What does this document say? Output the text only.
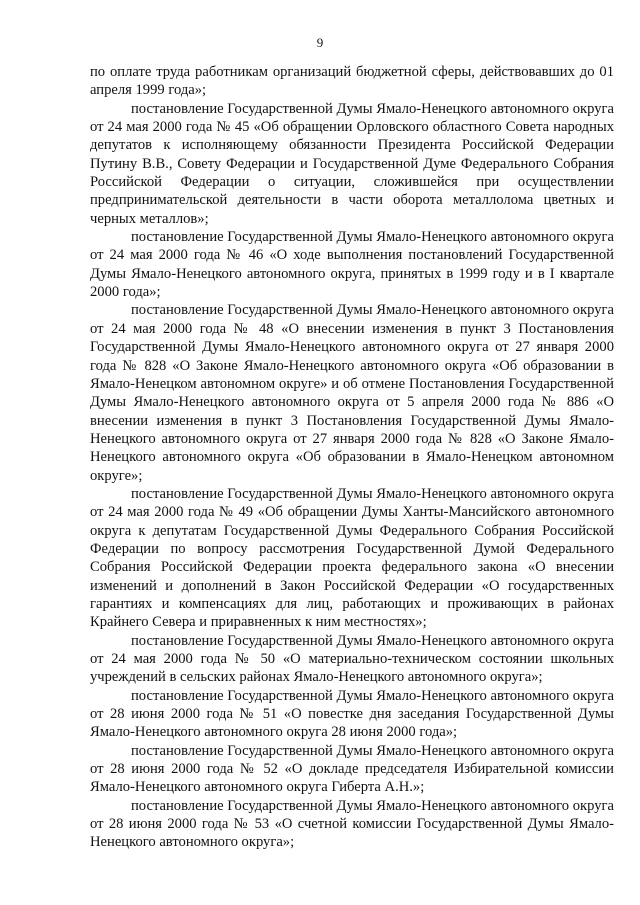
9

по оплате труда работникам организаций бюджетной сферы, действовавших до 01 апреля 1999 года»;

постановление Государственной Думы Ямало-Ненецкого автономного округа от 24 мая 2000 года № 45 «Об обращении Орловского областного Совета народных депутатов к исполняющему обязанности Президента Российской Федерации Путину В.В., Совету Федерации и Государственной Думе Федерального Собрания Российской Федерации о ситуации, сложившейся при осуществлении предпринимательской деятельности в части оборота металлолома цветных и черных металлов»;

постановление Государственной Думы Ямало-Ненецкого автономного округа от 24 мая 2000 года № 46 «О ходе выполнения постановлений Государственной Думы Ямало-Ненецкого автономного округа, принятых в 1999 году и в I квартале 2000 года»;

постановление Государственной Думы Ямало-Ненецкого автономного округа от 24 мая 2000 года № 48 «О внесении изменения в пункт 3 Постановления Государственной Думы Ямало-Ненецкого автономного округа от 27 января 2000 года № 828 «О Законе Ямало-Ненецкого автономного округа «Об образовании в Ямало-Ненецком автономном округе» и об отмене Постановления Государственной Думы Ямало-Ненецкого автономного округа от 5 апреля 2000 года № 886 «О внесении изменения в пункт 3 Постановления Государственной Думы Ямало-Ненецкого автономного округа от 27 января 2000 года № 828 «О Законе Ямало-Ненецкого автономного округа «Об образовании в Ямало-Ненецком автономном округе»;

постановление Государственной Думы Ямало-Ненецкого автономного округа от 24 мая 2000 года № 49 «Об обращении Думы Ханты-Мансийского автономного округа к депутатам Государственной Думы Федерального Собрания Российской Федерации по вопросу рассмотрения Государственной Думой Федерального Собрания Российской Федерации проекта федерального закона «О внесении изменений и дополнений в Закон Российской Федерации «О государственных гарантиях и компенсациях для лиц, работающих и проживающих в районах Крайнего Севера и приравненных к ним местностях»;

постановление Государственной Думы Ямало-Ненецкого автономного округа от 24 мая 2000 года № 50 «О материально-техническом состоянии школьных учреждений в сельских районах Ямало-Ненецкого автономного округа»;

постановление Государственной Думы Ямало-Ненецкого автономного округа от 28 июня 2000 года № 51 «О повестке дня заседания Государственной Думы Ямало-Ненецкого автономного округа 28 июня 2000 года»;

постановление Государственной Думы Ямало-Ненецкого автономного округа от 28 июня 2000 года № 52 «О докладе председателя Избирательной комиссии Ямало-Ненецкого автономного округа Гиберта А.Н.»;

постановление Государственной Думы Ямало-Ненецкого автономного округа от 28 июня 2000 года № 53 «О счетной комиссии Государственной Думы Ямало-Ненецкого автономного округа»;
